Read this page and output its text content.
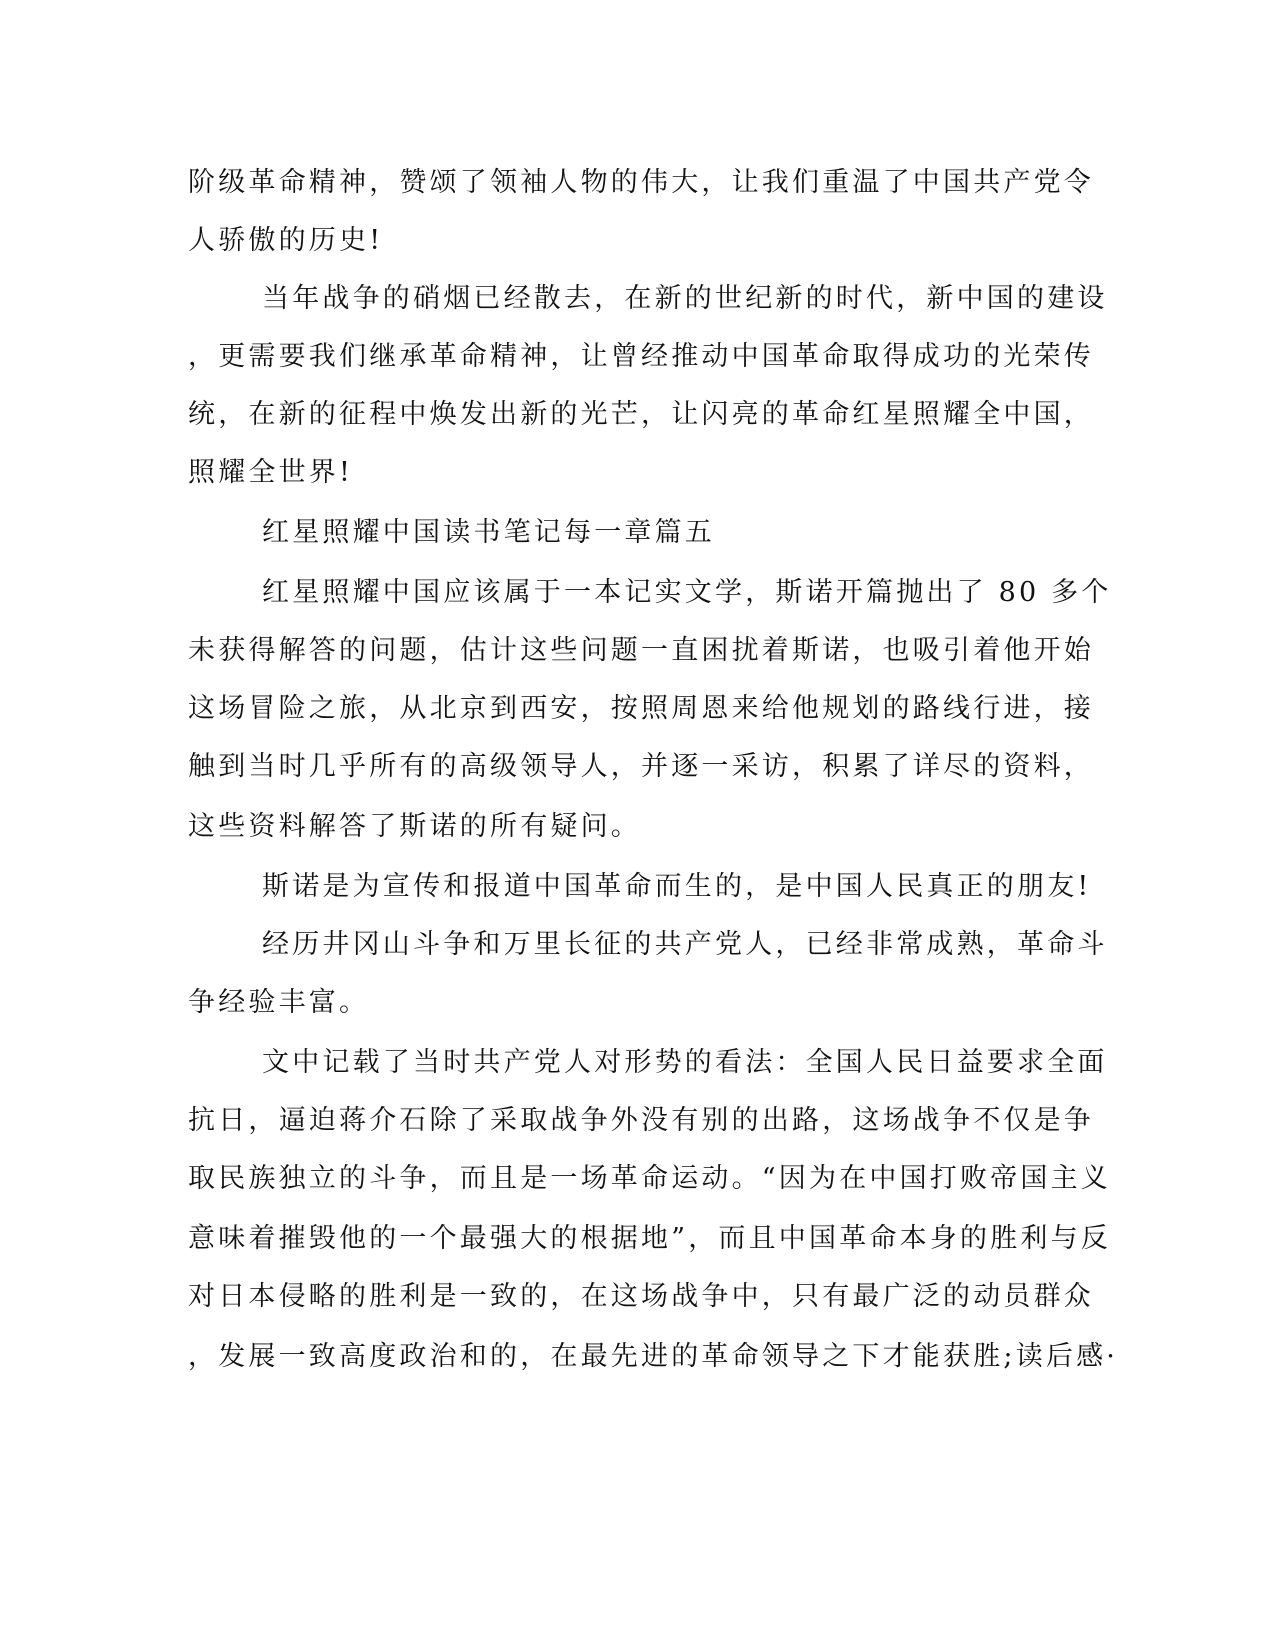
阶级革命精神，赞颂了领袖人物的伟大，让我们重温了中国共产党令
人骄傲的历史!
当年战争的硝烟已经散去，在新的世纪新的时代，新中国的建设
，更需要我们继承革命精神，让曾经推动中国革命取得成功的光荣传
统，在新的征程中焕发出新的光芒，让闪亮的革命红星照耀全中国，
照耀全世界!
红星照耀中国读书笔记每一章篇五
红星照耀中国应该属于一本记实文学，斯诺开篇抛出了 80 多个
未获得解答的问题，估计这些问题一直困扰着斯诺，也吸引着他开始
这场冒险之旅，从北京到西安，按照周恩来给他规划的路线行进，接
触到当时几乎所有的高级领导人，并逐一采访，积累了详尽的资料，
这些资料解答了斯诺的所有疑问。
斯诺是为宣传和报道中国革命而生的，是中国人民真正的朋友!
经历井冈山斗争和万里长征的共产党人，已经非常成熟，革命斗
争经验丰富。
文中记载了当时共产党人对形势的看法：全国人民日益要求全面
抗日，逼迫蒋介石除了采取战争外没有别的出路，这场战争不仅是争
取民族独立的斗争，而且是一场革命运动。“因为在中国打败帝国主义
意味着摧毁他的一个最强大的根据地”，而且中国革命本身的胜利与反
对日本侵略的胜利是一致的，在这场战争中，只有最广泛的动员群众
，发展一致高度政治和的，在最先进的革命领导之下才能获胜;读后感·
